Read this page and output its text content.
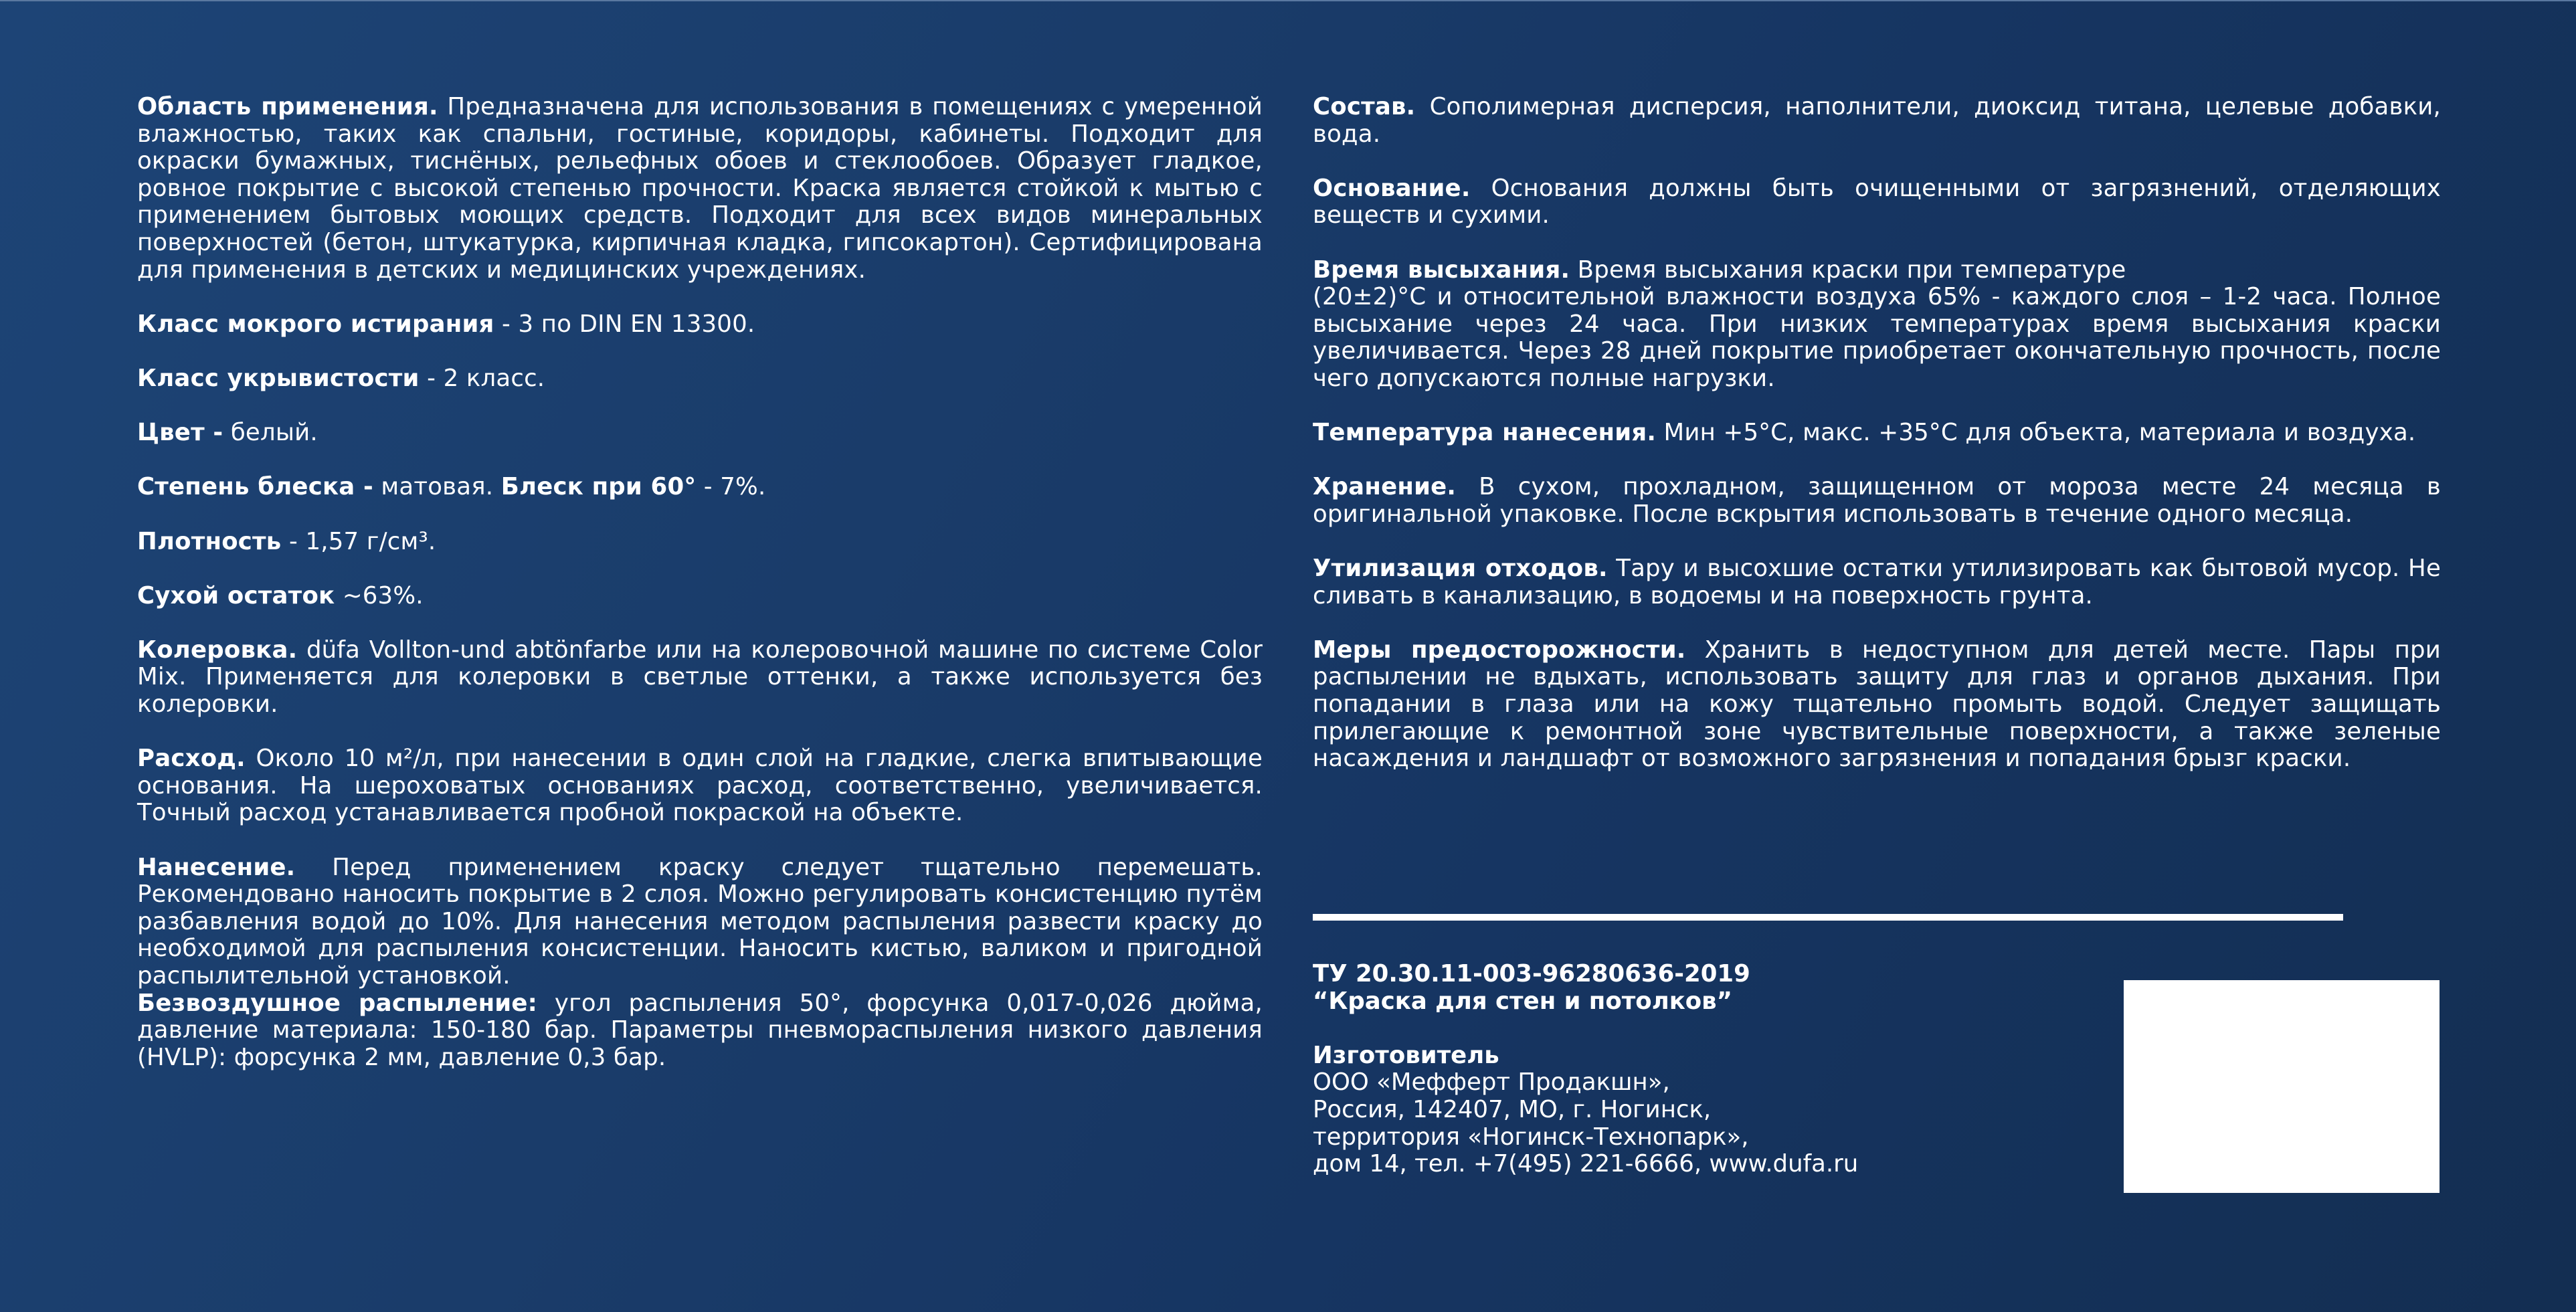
Область применения. Предназначена для использования в помещениях с умеренной влажностью, таких как спальни, гостиные, коридоры, кабинеты. Подходит для окраски бумажных, тиснёных, рельефных обоев и стеклообоев. Образует гладкое, ровное покрытие с высокой степенью прочности. Краска является стойкой к мытью с применением бытовых моющих средств. Подходит для всех видов минеральных поверхностей (бетон, штукатурка, кирпичная кладка, гипсокартон). Сертифицирована для применения в детских и медицинских учреждениях.

Класс мокрого истирания - 3 по DIN EN 13300.

Класс укрывистости - 2 класс.

Цвет - белый.

Степень блеска - матовая. Блеск при 60° - 7%.

Плотность - 1,57 г/см³.

Сухой остаток ~63%.

Колеровка. düfa Vollton-und abtönfarbe или на колеровочной машине по системе Color Mix. Применяется для колеровки в светлые оттенки, а также используется без колеровки.

Расход. Около 10 м²/л, при нанесении в один слой на гладкие, слегка впитывающие основания. На шероховатых основаниях расход, соответственно, увеличивается. Точный расход устанавливается пробной покраской на объекте.

Нанесение. Перед применением краску следует тщательно перемешать. Рекомендовано наносить покрытие в 2 слоя. Можно регулировать консистенцию путём разбавления водой до 10%. Для нанесения методом распыления развести краску до необходимой для распыления консистенции. Наносить кистью, валиком и пригодной распылительной установкой.

Безвоздушное распыление: угол распыления 50°, форсунка 0,017-0,026 дюйма, давление материала: 150-180 бар. Параметры пневмораспыления низкого давления (HVLP): форсунка 2 мм, давление 0,3 бар.

Состав. Сополимерная дисперсия, наполнители, диоксид титана, целевые добавки, вода.

Основание. Основания должны быть очищенными от загрязнений, отделяющих веществ и сухими.

Время высыхания. Время высыхания краски при температуре
(20±2)°С и относительной влажности воздуха 65% - каждого слоя – 1-2 часа. Полное высыхание через 24 часа. При низких температурах время высыхания краски увеличивается. Через 28 дней покрытие приобретает окончательную прочность, после чего допускаются полные нагрузки.

Температура нанесения. Мин +5°С, макс. +35°С для объекта, материала и воздуха.

Хранение. В сухом, прохладном, защищенном от мороза месте 24 месяца в оригинальной упаковке. После вскрытия использовать в течение одного месяца.

Утилизация отходов. Тару и высохшие остатки утилизировать как бытовой мусор. Не сливать в канализацию, в водоемы и на поверхность грунта.

Меры предосторожности. Хранить в недоступном для детей месте. Пары при распылении не вдыхать, использовать защиту для глаз и органов дыхания. При попадании в глаза или на кожу тщательно промыть водой. Следует защищать прилегающие к ремонтной зоне чувствительные поверхности, а также зеленые насаждения и ландшафт от возможного загрязнения и попадания брызг краски.

ТУ 20.30.11-003-96280636-2019
“Краска для стен и потолков”
Изготовитель
ООО «Мефферт Продакшн»,
Россия, 142407, МО, г. Ногинск,
территория «Ногинск-Технопарк»,
дом 14, тел. +7(495) 221-6666, www.dufa.ru
